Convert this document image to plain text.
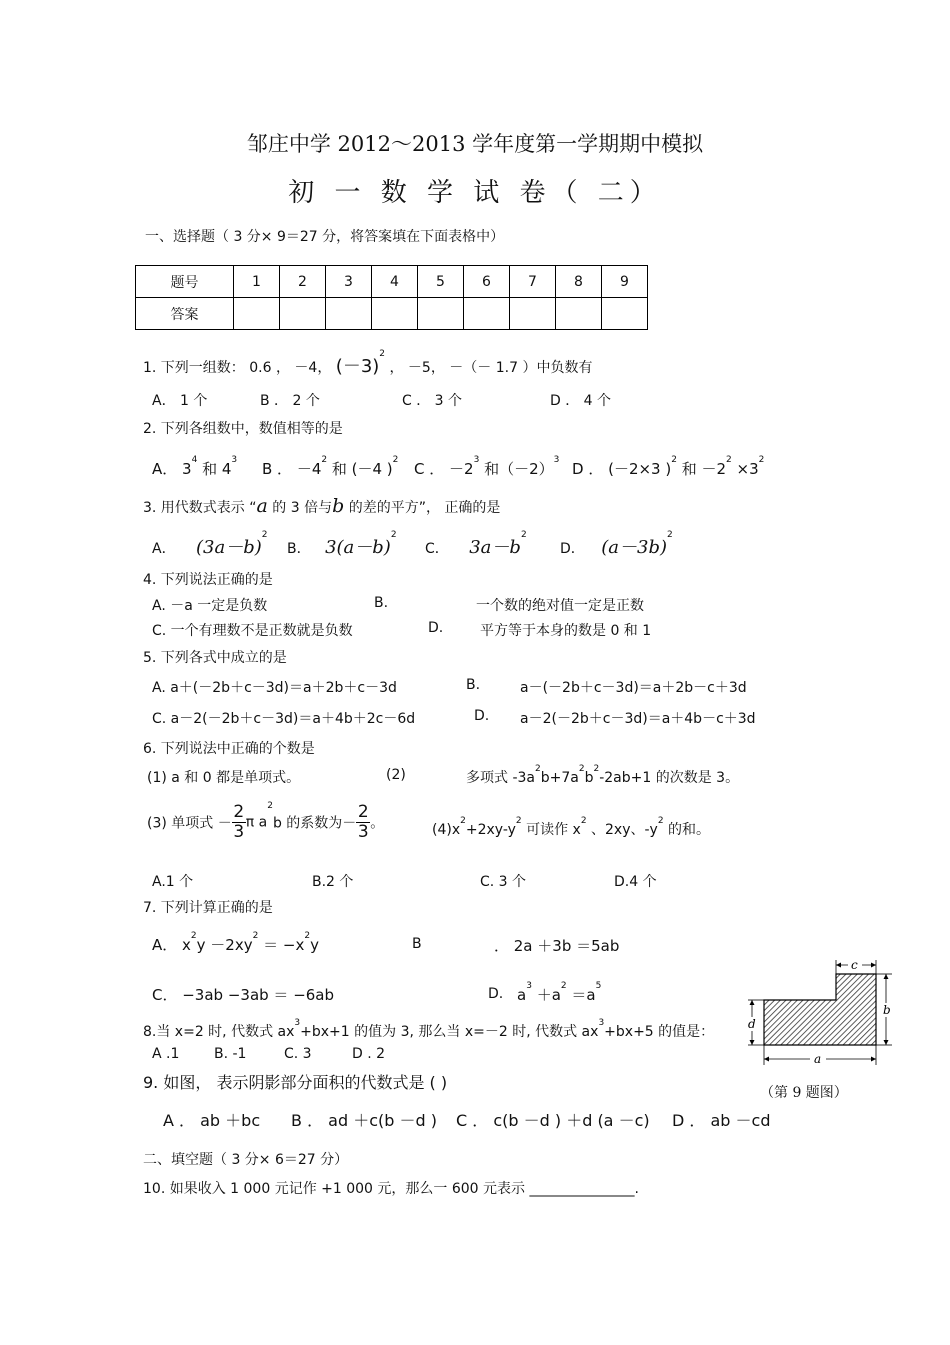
邹庄中学 2012～2013 学年度第一学期期中模拟
初 一 数 学 试 卷（ 二）
一、选择题（ 3 分× 9＝27 分，将答案填在下面表格中）
题号	1	2	3	4	5	6	7	8	9
答案									
1. 下列一组数： 0.6 ， －4， $(-3)^2$ ， －5， －（－ 1.7 ）中负数有
A． 1 个	B ． 2 个	C ． 3 个	D ． 4 个
2. 下列各组数中，数值相等的是
A． $3^4$ 和 $4^3$ B ． $-4^2$ 和 (－4 )$^2$ C ． $-2^3$ 和$(-2)^3$ D ． (－2×3 )$^2$ 和 $-2^2 \times 3^2$
3. 用代数式表示 “a 的 3 倍与b 的差的平方”， 正确的是
A． $(3a-b)^2$
B． $3(a-b)^2$
C． $3a-b^2$
D． $(a-3b)^2$
4. 下列说法正确的是
A. －a 一定是负数	B.	一个数的绝对值一定是正数
C. 一个有理数不是正数就是负数	D.	平方等于本身的数是 0 和 1
5. 下列各式中成立的是
A. a＋(－2b＋c－3d)＝a＋2b＋c－3d	B.	a－(－2b＋c－3d)＝a＋2b－c＋3d
C. a－2(－2b＋c－3d)＝a＋4b＋2c－6d	D. a－2(－2b＋c－3d)＝a＋4b－c＋3d
6. 下列说法中正确的个数是
(1) a 和 0 都是单项式。	(2)	多项式 $-3a^2b+7a^2b^2-2ab+1$ 的次数是 3。
(3) 单项式 － $\frac{2}{3}$ π $a^2b$ 的系数为－ $\frac{2}{3}$ 。	$(4)x^2+2xy-y^2$ 可读作 $x^2$ 、2xy、$-y^2$ 的和。
A.1 个	B.2 个	C. 3 个	D.4 个
7. 下列计算正确的是
A． $x^2y -2xy^2 = -x^2y$	B	． 2a ＋3b ＝5ab
C． −3ab −3ab ＝ −6ab	D. $a^3 +a^2 =a^5$
8.当 x=2 时, 代数式 $ax^3+bx+1$ 的值为 3, 那么当 x=－2 时, 代数式 $ax^3+bx+5$ 的值是：
A .1 B. -1	C. 3	D . 2
c
b
d
a
（第 9 题图）
9. 如图， 表示阴影部分面积的代数式是 ( )
A ． ab ＋bc B ． ad ＋c(b －d ) C ． c(b －d ) ＋d (a －c) D ． ab －cd
二、填空题（ 3 分× 6＝27 分）
10. 如果收入 1 000 元记作 +1 000 元，那么一 600 元表示 _______________.
